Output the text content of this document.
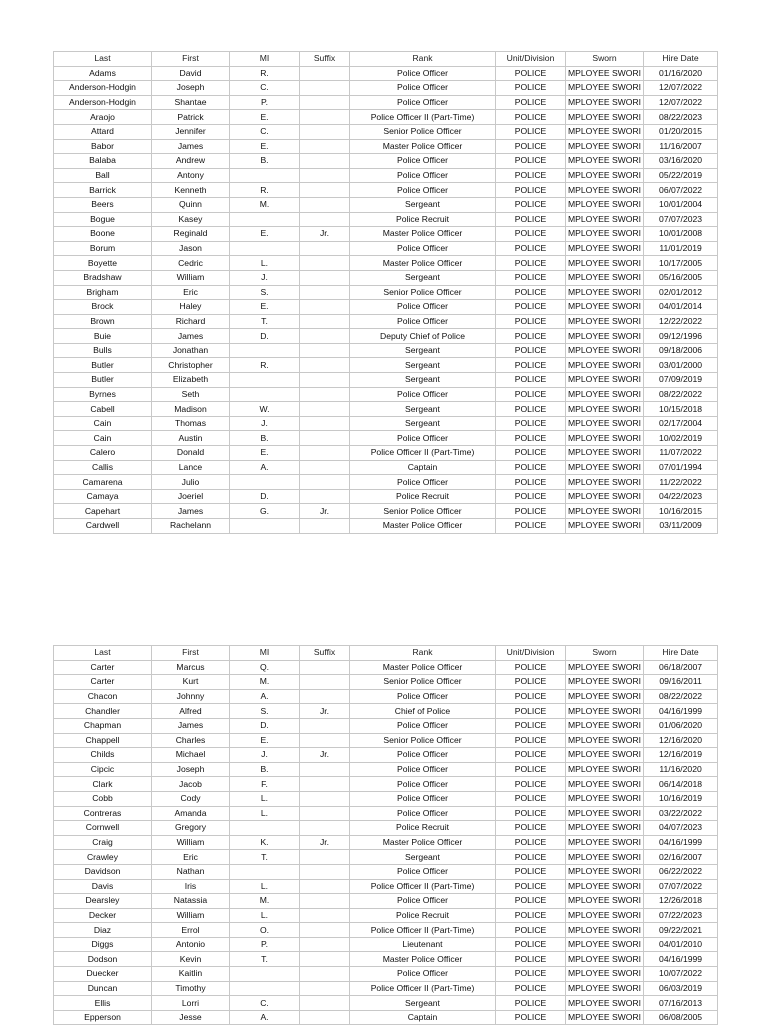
Last	First	MI	Suffix	Rank	Unit/Division	Sworn	Hire Date
Adams	David	R.		Police Officer	POLICE	MPLOYEE SWORI	01/16/2020
Anderson-Hodgin	Joseph	C.		Police Officer	POLICE	MPLOYEE SWORI	12/07/2022
Anderson-Hodgin	Shantae	P.		Police Officer	POLICE	MPLOYEE SWORI	12/07/2022
Araojo	Patrick	E.		Police Officer II (Part-Time)	POLICE	MPLOYEE SWORI	08/22/2023
Attard	Jennifer	C.		Senior Police Officer	POLICE	MPLOYEE SWORI	01/20/2015
Babor	James	E.		Master Police Officer	POLICE	MPLOYEE SWORI	11/16/2007
Balaba	Andrew	B.		Police Officer	POLICE	MPLOYEE SWORI	03/16/2020
Ball	Antony			Police Officer	POLICE	MPLOYEE SWORI	05/22/2019
Barrick	Kenneth	R.		Police Officer	POLICE	MPLOYEE SWORI	06/07/2022
Beers	Quinn	M.		Sergeant	POLICE	MPLOYEE SWORI	10/01/2004
Bogue	Kasey			Police Recruit	POLICE	MPLOYEE SWORI	07/07/2023
Boone	Reginald	E.	Jr.	Master Police Officer	POLICE	MPLOYEE SWORI	10/01/2008
Borum	Jason			Police Officer	POLICE	MPLOYEE SWORI	11/01/2019
Boyette	Cedric	L.		Master Police Officer	POLICE	MPLOYEE SWORI	10/17/2005
Bradshaw	William	J.		Sergeant	POLICE	MPLOYEE SWORI	05/16/2005
Brigham	Eric	S.		Senior Police Officer	POLICE	MPLOYEE SWORI	02/01/2012
Brock	Haley	E.		Police Officer	POLICE	MPLOYEE SWORI	04/01/2014
Brown	Richard	T.		Police Officer	POLICE	MPLOYEE SWORI	12/22/2022
Buie	James	D.		Deputy Chief of Police	POLICE	MPLOYEE SWORI	09/12/1996
Bulls	Jonathan			Sergeant	POLICE	MPLOYEE SWORI	09/18/2006
Butler	Christopher	R.		Sergeant	POLICE	MPLOYEE SWORI	03/01/2000
Butler	Elizabeth			Sergeant	POLICE	MPLOYEE SWORI	07/09/2019
Byrnes	Seth			Police Officer	POLICE	MPLOYEE SWORI	08/22/2022
Cabell	Madison	W.		Sergeant	POLICE	MPLOYEE SWORI	10/15/2018
Cain	Thomas	J.		Sergeant	POLICE	MPLOYEE SWORI	02/17/2004
Cain	Austin	B.		Police Officer	POLICE	MPLOYEE SWORI	10/02/2019
Calero	Donald	E.		Police Officer II (Part-Time)	POLICE	MPLOYEE SWORI	11/07/2022
Callis	Lance	A.		Captain	POLICE	MPLOYEE SWORI	07/01/1994
Camarena	Julio			Police Officer	POLICE	MPLOYEE SWORI	11/22/2022
Camaya	Joeriel	D.		Police Recruit	POLICE	MPLOYEE SWORI	04/22/2023
Capehart	James	G.	Jr.	Senior Police Officer	POLICE	MPLOYEE SWORI	10/16/2015
Cardwell	Rachelann			Master Police Officer	POLICE	MPLOYEE SWORI	03/11/2009
Last	First	MI	Suffix	Rank	Unit/Division	Sworn	Hire Date
Carter	Marcus	Q.		Master Police Officer	POLICE	MPLOYEE SWORI	06/18/2007
Carter	Kurt	M.		Senior Police Officer	POLICE	MPLOYEE SWORI	09/16/2011
Chacon	Johnny	A.		Police Officer	POLICE	MPLOYEE SWORI	08/22/2022
Chandler	Alfred	S.	Jr.	Chief of Police	POLICE	MPLOYEE SWORI	04/16/1999
Chapman	James	D.		Police Officer	POLICE	MPLOYEE SWORI	01/06/2020
Chappell	Charles	E.		Senior Police Officer	POLICE	MPLOYEE SWORI	12/16/2020
Childs	Michael	J.	Jr.	Police Officer	POLICE	MPLOYEE SWORI	12/16/2019
Cipcic	Joseph	B.		Police Officer	POLICE	MPLOYEE SWORI	11/16/2020
Clark	Jacob	F.		Police Officer	POLICE	MPLOYEE SWORI	06/14/2018
Cobb	Cody	L.		Police Officer	POLICE	MPLOYEE SWORI	10/16/2019
Contreras	Amanda	L.		Police Officer	POLICE	MPLOYEE SWORI	03/22/2022
Cornwell	Gregory			Police Recruit	POLICE	MPLOYEE SWORI	04/07/2023
Craig	William	K.	Jr.	Master Police Officer	POLICE	MPLOYEE SWORI	04/16/1999
Crawley	Eric	T.		Sergeant	POLICE	MPLOYEE SWORI	02/16/2007
Davidson	Nathan			Police Officer	POLICE	MPLOYEE SWORI	06/22/2022
Davis	Iris	L.		Police Officer II (Part-Time)	POLICE	MPLOYEE SWORI	07/07/2022
Dearsley	Natassia	M.		Police Officer	POLICE	MPLOYEE SWORI	12/26/2018
Decker	William	L.		Police Recruit	POLICE	MPLOYEE SWORI	07/22/2023
Diaz	Errol	O.		Police Officer II (Part-Time)	POLICE	MPLOYEE SWORI	09/22/2021
Diggs	Antonio	P.		Lieutenant	POLICE	MPLOYEE SWORI	04/01/2010
Dodson	Kevin	T.		Master Police Officer	POLICE	MPLOYEE SWORI	04/16/1999
Duecker	Kaitlin			Police Officer	POLICE	MPLOYEE SWORI	10/07/2022
Duncan	Timothy			Police Officer II (Part-Time)	POLICE	MPLOYEE SWORI	06/03/2019
Ellis	Lorri	C.		Sergeant	POLICE	MPLOYEE SWORI	07/16/2013
Epperson	Jesse	A.		Captain	POLICE	MPLOYEE SWORI	06/08/2005
